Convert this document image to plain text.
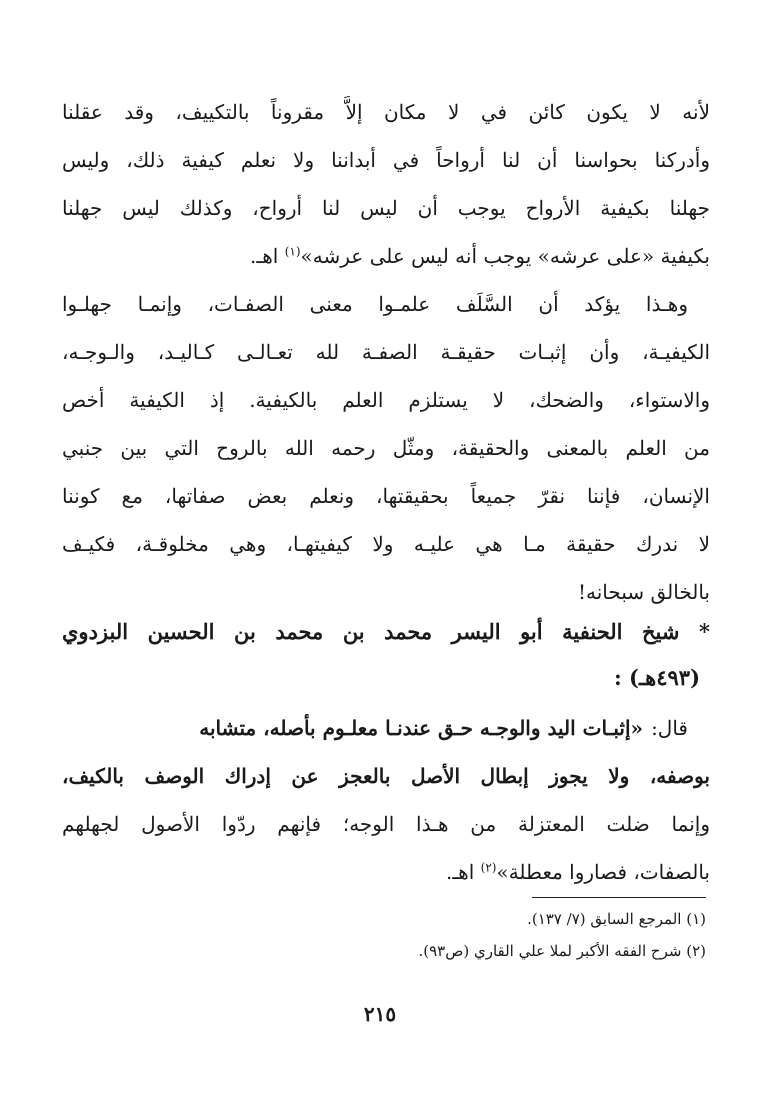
لأنه لا يكون كائن في لا مكان إلاَّ مقروناً بالتكييف، وقد عقلنا
وأدركنا بحواسنا أن لنا أرواحاً في أبداننا ولا نعلم كيفية ذلك، وليس
جهلنا بكيفية الأرواح يوجب أن ليس لنا أرواح، وكذلك ليس جهلنا
بكيفية «على عرشه» يوجب أنه ليس على عرشه»$^{(١)}$ اهـ.
وهـذا يؤكد أن السَّلَف علمـوا معنى الصفـات، وإنمـا جهلـوا
الكيفيـة، وأن إثبـات حقيقـة الصفـة لله تعـالـى كـاليـد، والـوجـه،
والاستواء، والضحك، لا يستلزم العلم بالكيفية. إذ الكيفية أخص
من العلم بالمعنى والحقيقة، ومثّل رحمه الله بالروح التي بين جنبي
الإنسان، فإننا نقرّ جميعاً بحقيقتها، ونعلم بعض صفاتها، مع كوننا
لا ندرك حقيقة مـا هي عليـه ولا كيفيتهـا، وهي مخلوقـة، فكيـف
بالخالق سبحانه!
* شيخ الحنفية أبو اليسر محمد بن محمد بن الحسين البزدوي
(٤٩٣هـ) :
قال:«إثبـات اليد والوجـه حـق عندنـا معلـوم بأصله، متشابه
بوصفه، ولا يجوز إبطال الأصل بالعجز عن إدراك الوصف بالكيف،
وإنما ضلت المعتزلة من هـذا الوجه؛ فإنهم ردّوا الأصول لجهلهم
بالصفات، فصاروا معطلة»$^{(٢)}$ اهـ.
(١) المرجع السابق (٧/ ١٣٧).
(٢) شرح الفقه الأكبر لملا علي القاري (ص٩٣).
٢١٥
